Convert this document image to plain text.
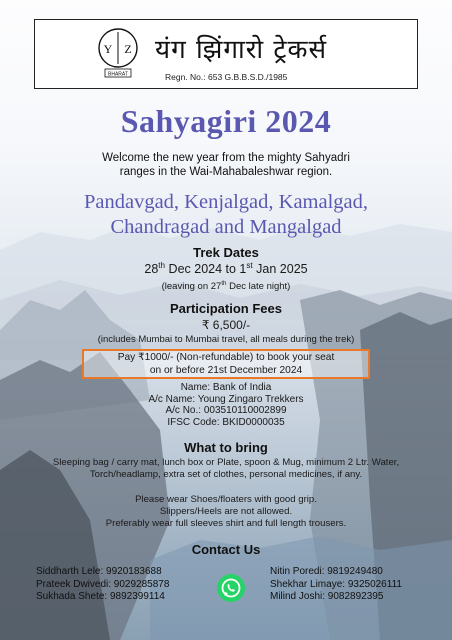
Y Z
BHARAT
यंग झिंगारो ट्रेकर्स
Regn. No.: 653 G.B.B.S.D./1985
Sahyagiri 2024
Welcome the new year from the mighty Sahyadri ranges in the Wai-Mahabaleshwar region.
Pandavgad, Kenjalgad, Kamalgad,
Chandragad and Mangalgad
Trek Dates
28th Dec 2024 to 1st Jan 2025
(leaving on 27th Dec late night)
Participation Fees
₹ 6,500/-
(includes Mumbai to Mumbai travel, all meals during the trek)
Pay ₹1000/- (Non-refundable) to book your seat
on or before 21st December 2024
Name: Bank of India
A/c Name: Young Zingaro Trekkers
A/c No.: 003510110002899
IFSC Code: BKID0000035
What to bring
Sleeping bag / carry mat, lunch box or Plate, spoon & Mug, minimum 2 Ltr. Water,
Torch/headlamp, extra set of clothes, personal medicines, if any.
Please wear Shoes/floaters with good grip.
Slippers/Heels are not allowed.
Preferably wear full sleeves shirt and full length trousers.
Contact Us
Siddharth Lele: 9920183688
Prateek Dwivedi: 9029285878
Sukhada Shete: 9892399114
Nitin Poredi: 9819249480
Shekhar Limaye: 9325026111
Milind Joshi: 9082892395
